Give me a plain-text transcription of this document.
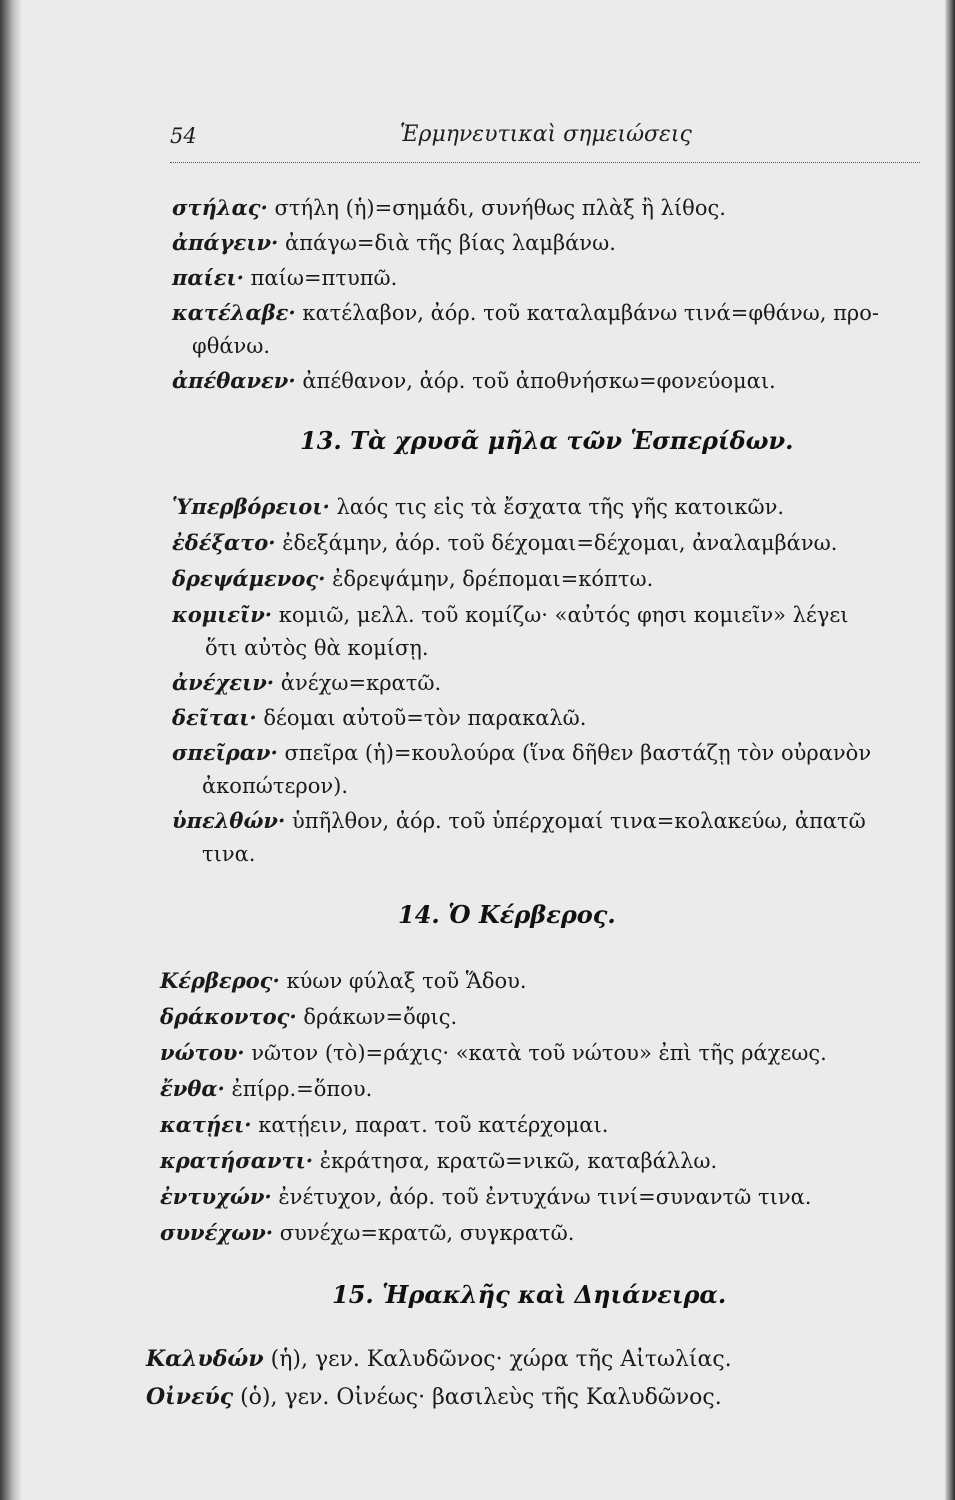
54	Ἑρμηνευτικαὶ σημειώσεις
στήλας· στήλη (ἡ)=σημάδι, συνήθως πλὰξ ἢ λίθος.
ἀπάγειν· ἀπάγω=διὰ τῆς βίας λαμβάνω.
παίει· παίω=πτυπῶ.
κατέλαβε· κατέλαβον, ἀόρ. τοῦ καταλαμβάνω τινά=φθάνω, προ-
φθάνω.
ἀπέθανεν· ἀπέθανον, ἀόρ. τοῦ ἀποθνήσκω=φονεύομαι.
13. Τὰ χρυσᾶ μῆλα τῶν Ἑσπερίδων.
Ὑπερβόρειοι· λαός τις εἰς τὰ ἔσχατα τῆς γῆς κατοικῶν.
ἐδέξατο· ἐδεξάμην, ἀόρ. τοῦ δέχομαι=δέχομαι, ἀναλαμβάνω.
δρεψάμενος· ἐδρεψάμην, δρέπομαι=κόπτω.
κομιεῖν· κομιῶ, μελλ. τοῦ κομίζω· «αὐτός φησι κομιεῖν» λέγει
ὅτι αὐτὸς θὰ κομίσῃ.
ἀνέχειν· ἀνέχω=κρατῶ.
δεῖται· δέομαι αὐτοῦ=τὸν παρακαλῶ.
σπεῖραν· σπεῖρα (ἡ)=κουλούρα (ἵνα δῆθεν βαστάζῃ τὸν οὐρανὸν
ἀκοπώτερον).
ὑπελθών· ὑπῆλθον, ἀόρ. τοῦ ὑπέρχομαί τινα=κολακεύω, ἀπατῶ
τινα.
14. Ὁ Κέρβερος.
Κέρβερος· κύων φύλαξ τοῦ Ἅδου.
δράκοντος· δράκων=ὄφις.
νώτου· νῶτον (τὸ)=ράχις· «κατὰ τοῦ νώτου» ἐπὶ τῆς ράχεως.
ἔνθα· ἐπίρρ.=ὅπου.
κατῄει· κατῄειν, παρατ. τοῦ κατέρχομαι.
κρατήσαντι· ἐκράτησα, κρατῶ=νικῶ, καταβάλλω.
ἐντυχών· ἐνέτυχον, ἀόρ. τοῦ ἐντυχάνω τινί=συναντῶ τινα.
συνέχων· συνέχω=κρατῶ, συγκρατῶ.
15. Ἡρακλῆς καὶ Δηιάνειρα.
Καλυδών (ἡ), γεν. Καλυδῶνος· χώρα τῆς Αἰτωλίας.
Οἰνεύς (ὁ), γεν. Οἰνέως· βασιλεὺς τῆς Καλυδῶνος.
